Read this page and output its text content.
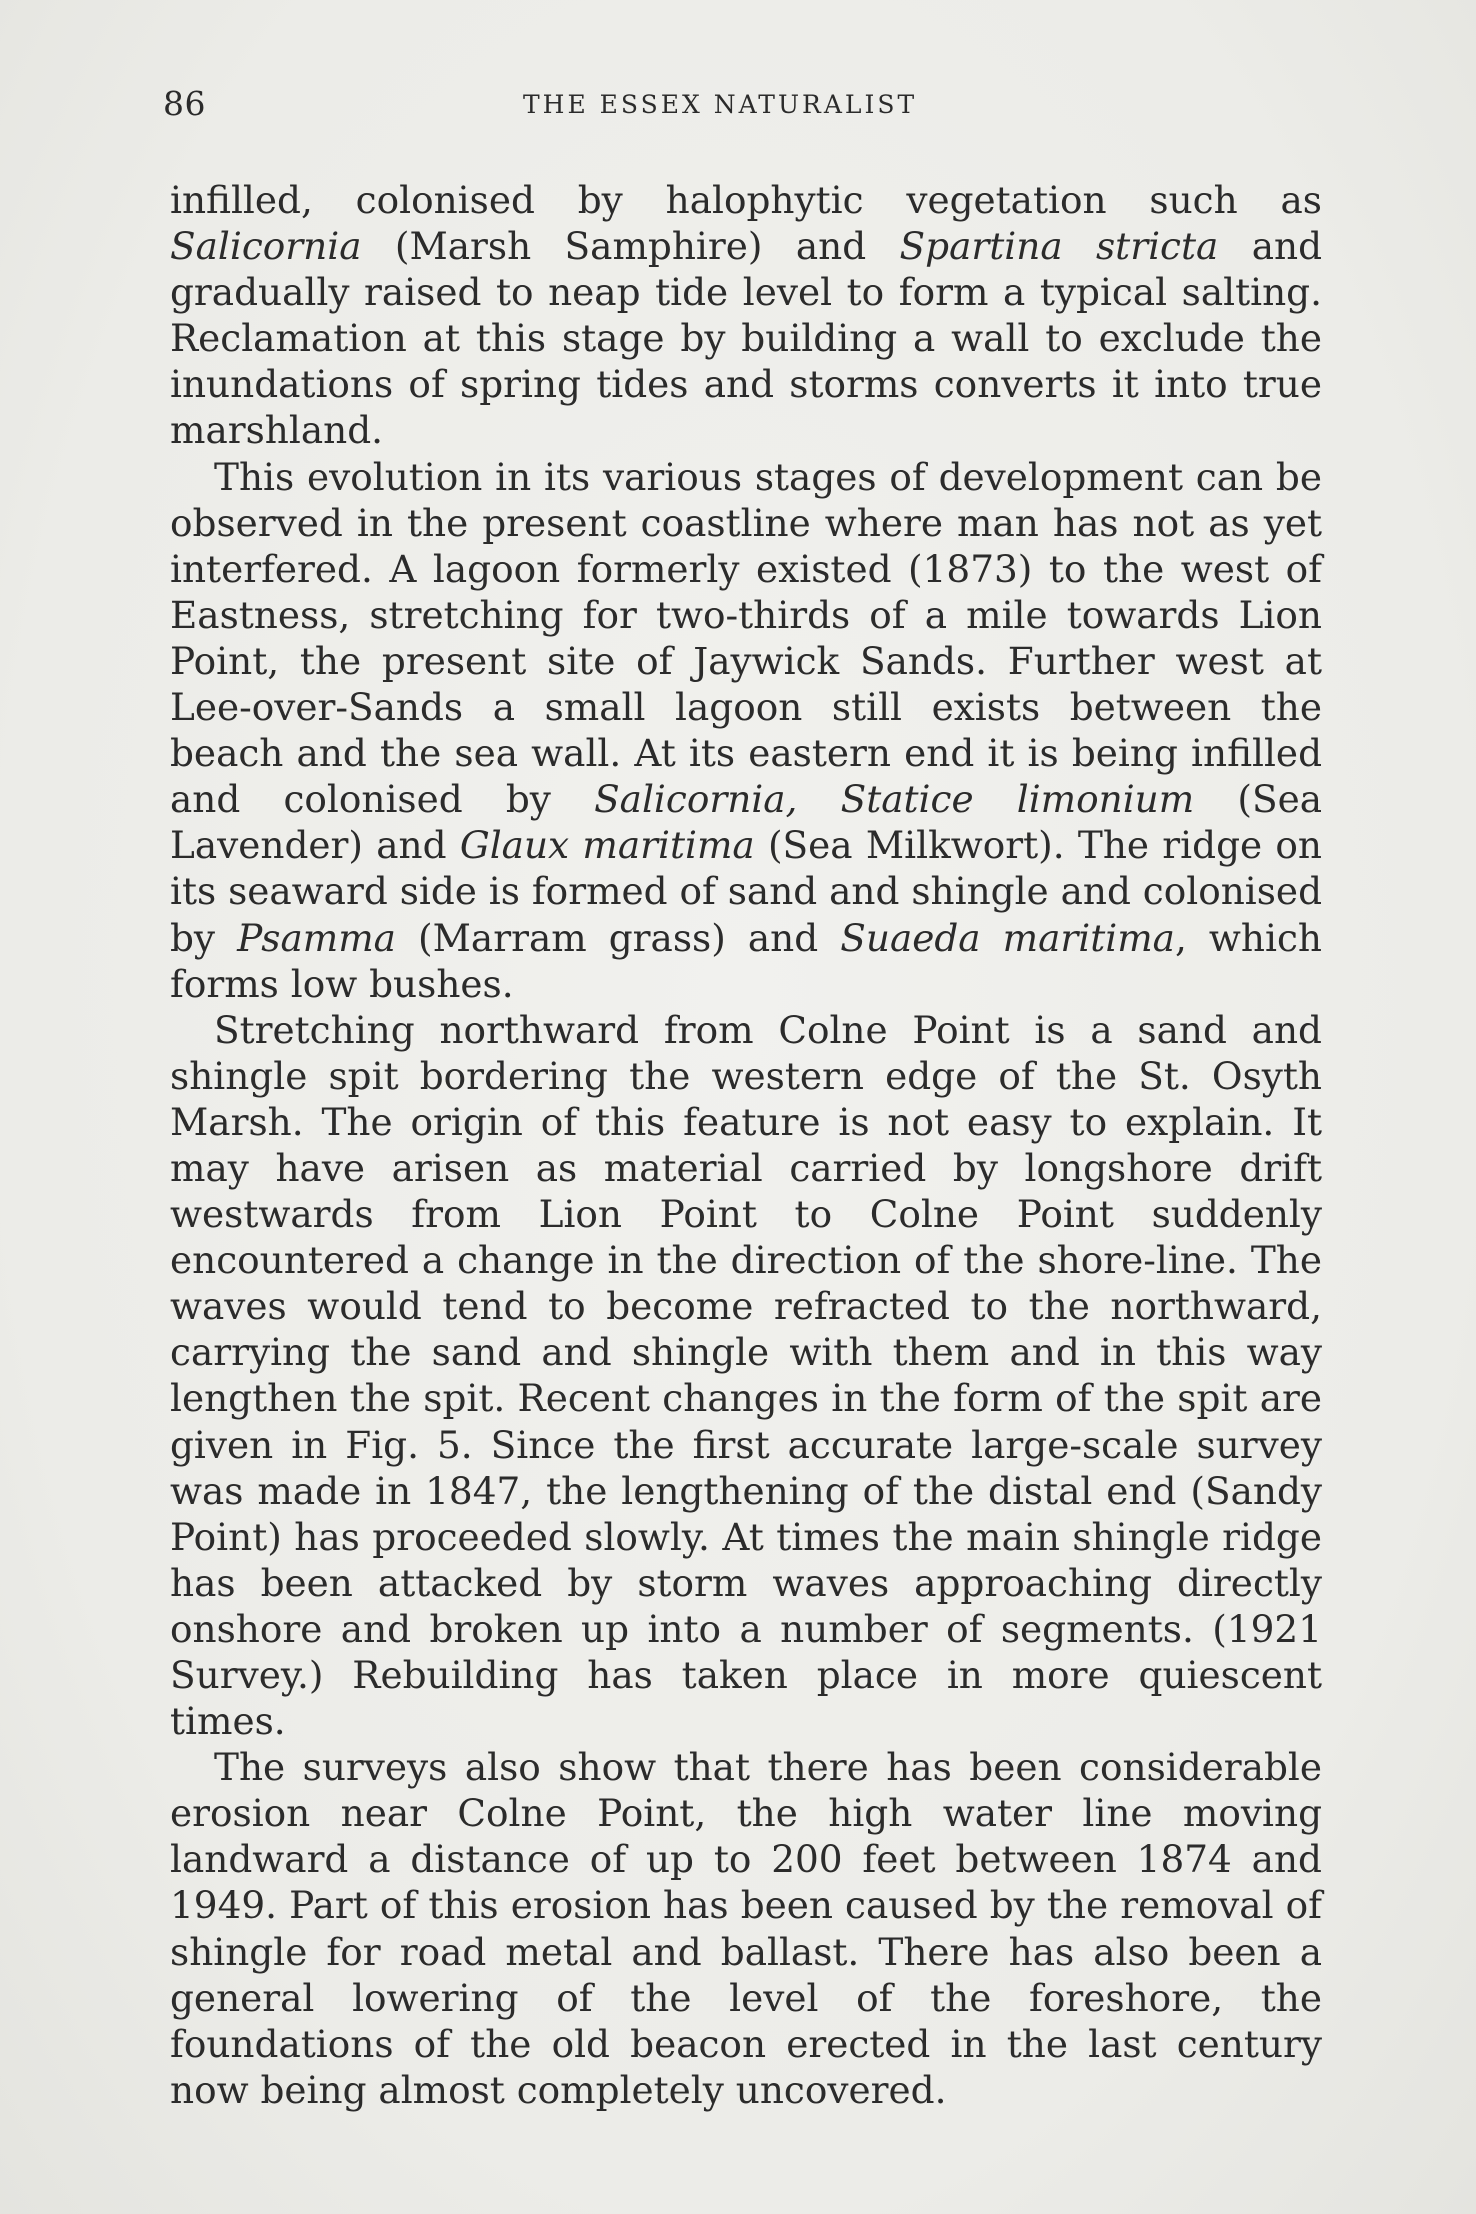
86	THE ESSEX NATURALIST

infilled, colonised by halophytic vegetation such as Salicornia (Marsh Samphire) and Spartina stricta and gradually raised to neap tide level to form a typical salting. Reclamation at this stage by building a wall to exclude the inundations of spring tides and storms converts it into true marshland.

This evolution in its various stages of development can be observed in the present coastline where man has not as yet interfered. A lagoon formerly existed (1873) to the west of Eastness, stretching for two-thirds of a mile towards Lion Point, the present site of Jaywick Sands. Further west at Lee-over-Sands a small lagoon still exists between the beach and the sea wall. At its eastern end it is being infilled and colonised by Salicornia, Statice limonium (Sea Lavender) and Glaux maritima (Sea Milkwort). The ridge on its seaward side is formed of sand and shingle and colonised by Psamma (Marram grass) and Suaeda maritima, which forms low bushes.

Stretching northward from Colne Point is a sand and shingle spit bordering the western edge of the St. Osyth Marsh. The origin of this feature is not easy to explain. It may have arisen as material carried by longshore drift westwards from Lion Point to Colne Point suddenly encountered a change in the direction of the shore-line. The waves would tend to become refracted to the northward, carrying the sand and shingle with them and in this way lengthen the spit. Recent changes in the form of the spit are given in Fig. 5. Since the first accurate large-scale survey was made in 1847, the lengthening of the distal end (Sandy Point) has proceeded slowly. At times the main shingle ridge has been attacked by storm waves approaching directly onshore and broken up into a number of segments. (1921 Survey.) Rebuilding has taken place in more quiescent times.

The surveys also show that there has been considerable erosion near Colne Point, the high water line moving landward a distance of up to 200 feet between 1874 and 1949. Part of this erosion has been caused by the removal of shingle for road metal and ballast. There has also been a general lowering of the level of the foreshore, the foundations of the old beacon erected in the last century now being almost completely uncovered.
